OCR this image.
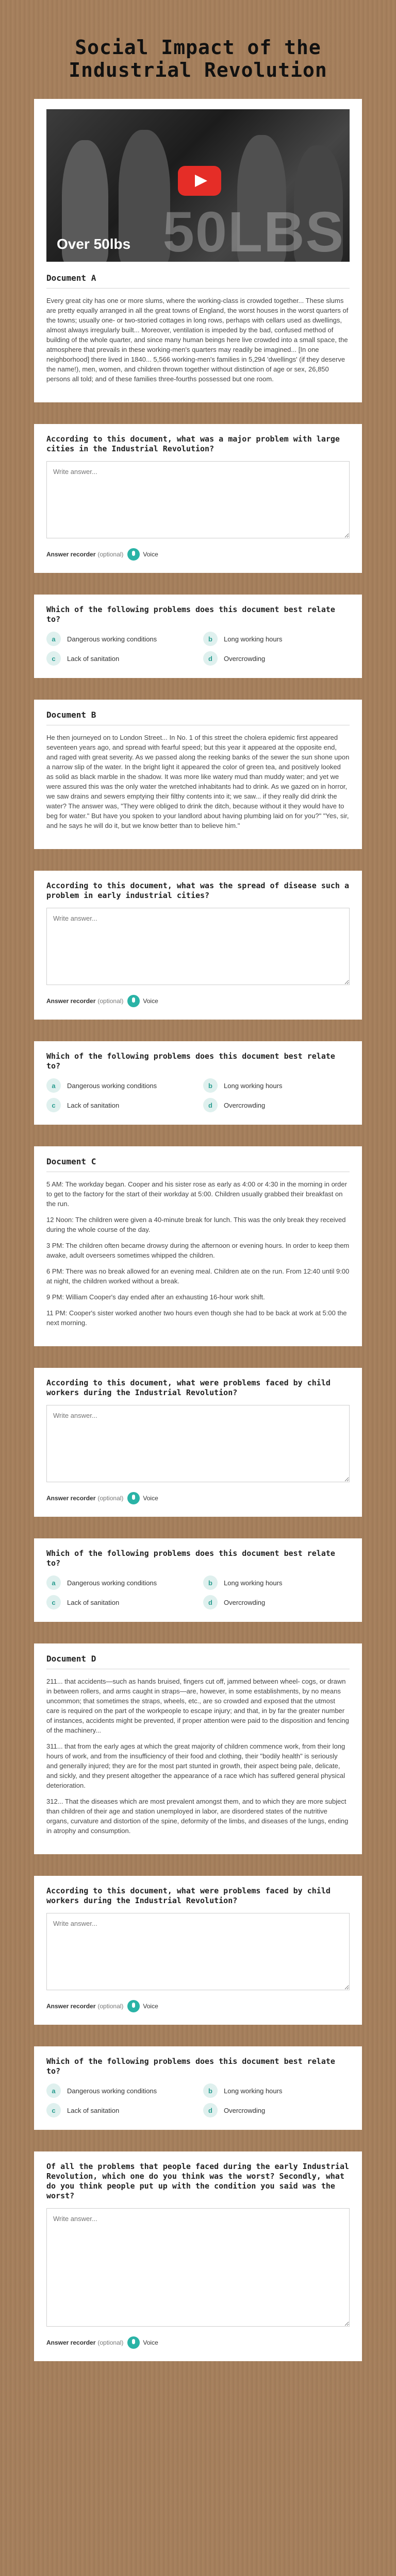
Social Impact of the Industrial Revolution
50LBS
Over 50lbs
Document A

Every great city has one or more slums, where the working-class is crowded together... These slums are pretty equally arranged in all the great towns of England, the worst houses in the worst quarters of the towns; usually one- or two-storied cottages in long rows, perhaps with cellars used as dwellings, almost always irregularly built... Moreover, ventilation is impeded by the bad, confused method of building of the whole quarter, and since many human beings here live crowded into a small space, the atmosphere that prevails in these working-men's quarters may readily be imagined... [In one neighborhood] there lived in 1840... 5,566 working-men's families in 5,294 'dwellings' (if they deserve the name!), men, women, and children thrown together without distinction of age or sex, 26,850 persons all told; and of these families three-fourths possessed but one room.

According to this document, what was a major problem with large cities in the Industrial Revolution?
Write answer...
Answer recorder (optional)	Voice
Which of the following problems does this document best relate to?
a	Dangerous working conditions	b	Long working hours
c	Lack of sanitation	d	Overcrowding
Document B

He then journeyed on to London Street... In No. 1 of this street the cholera epidemic first appeared seventeen years ago, and spread with fearful speed; but this year it appeared at the opposite end, and raged with great severity. As we passed along the reeking banks of the sewer the sun shone upon a narrow slip of the water. In the bright light it appeared the color of green tea, and positively looked as solid as black marble in the shadow. It was more like watery mud than muddy water; and yet we were assured this was the only water the wretched inhabitants had to drink. As we gazed on in horror, we saw drains and sewers emptying their filthy contents into it; we saw... if they really did drink the water? The answer was, "They were obliged to drink the ditch, because without it they would have to beg for water." But have you spoken to your landlord about having plumbing laid on for you?" "Yes, sir, and he says he will do it, but we know better than to believe him."

According to this document, what was the spread of disease such a problem in early industrial cities?
Write answer...
Answer recorder (optional)	Voice
Which of the following problems does this document best relate to?
a	Dangerous working conditions	b	Long working hours
c	Lack of sanitation	d	Overcrowding
Document C

5 AM: The workday began. Cooper and his sister rose as early as 4:00 or 4:30 in the morning in order to get to the factory for the start of their workday at 5:00. Children usually grabbed their breakfast on the run.

12 Noon: The children were given a 40-minute break for lunch. This was the only break they received during the whole course of the day.

3 PM: The children often became drowsy during the afternoon or evening hours. In order to keep them awake, adult overseers sometimes whipped the children.

6 PM: There was no break allowed for an evening meal. Children ate on the run. From 12:40 until 9:00 at night, the children worked without a break.

9 PM: William Cooper's day ended after an exhausting 16-hour work shift.

11 PM: Cooper's sister worked another two hours even though she had to be back at work at 5:00 the next morning.

According to this document, what were problems faced by child workers during the Industrial Revolution?
Write answer...
Answer recorder (optional)	Voice
Which of the following problems does this document best relate to?
a	Dangerous working conditions	b	Long working hours
c	Lack of sanitation	d	Overcrowding
Document D

211... that accidents—such as hands bruised, fingers cut off, jammed between wheel- cogs, or drawn in between rollers, and arms caught in straps—are, however, in some establishments, by no means uncommon; that sometimes the straps, wheels, etc., are so crowded and exposed that the utmost care is required on the part of the workpeople to escape injury; and that, in by far the greater number of instances, accidents might be prevented, if proper attention were paid to the disposition and fencing of the machinery...

311... that from the early ages at which the great majority of children commence work, from their long hours of work, and from the insufficiency of their food and clothing, their "bodily health" is seriously and generally injured; they are for the most part stunted in growth, their aspect being pale, delicate, and sickly, and they present altogether the appearance of a race which has suffered general physical deterioration.

312... That the diseases which are most prevalent amongst them, and to which they are more subject than children of their age and station unemployed in labor, are disordered states of the nutritive organs, curvature and distortion of the spine, deformity of the limbs, and diseases of the lungs, ending in atrophy and consumption.

According to this document, what were problems faced by child workers during the Industrial Revolution?
Write answer...
Answer recorder (optional)	Voice
Which of the following problems does this document best relate to?
a	Dangerous working conditions	b	Long working hours
c	Lack of sanitation	d	Overcrowding
Of all the problems that people faced during the early Industrial Revolution, which one do you think was the worst? Secondly, what do you think people put up with the condition you said was the worst?
Write answer...
Answer recorder (optional)	Voice
